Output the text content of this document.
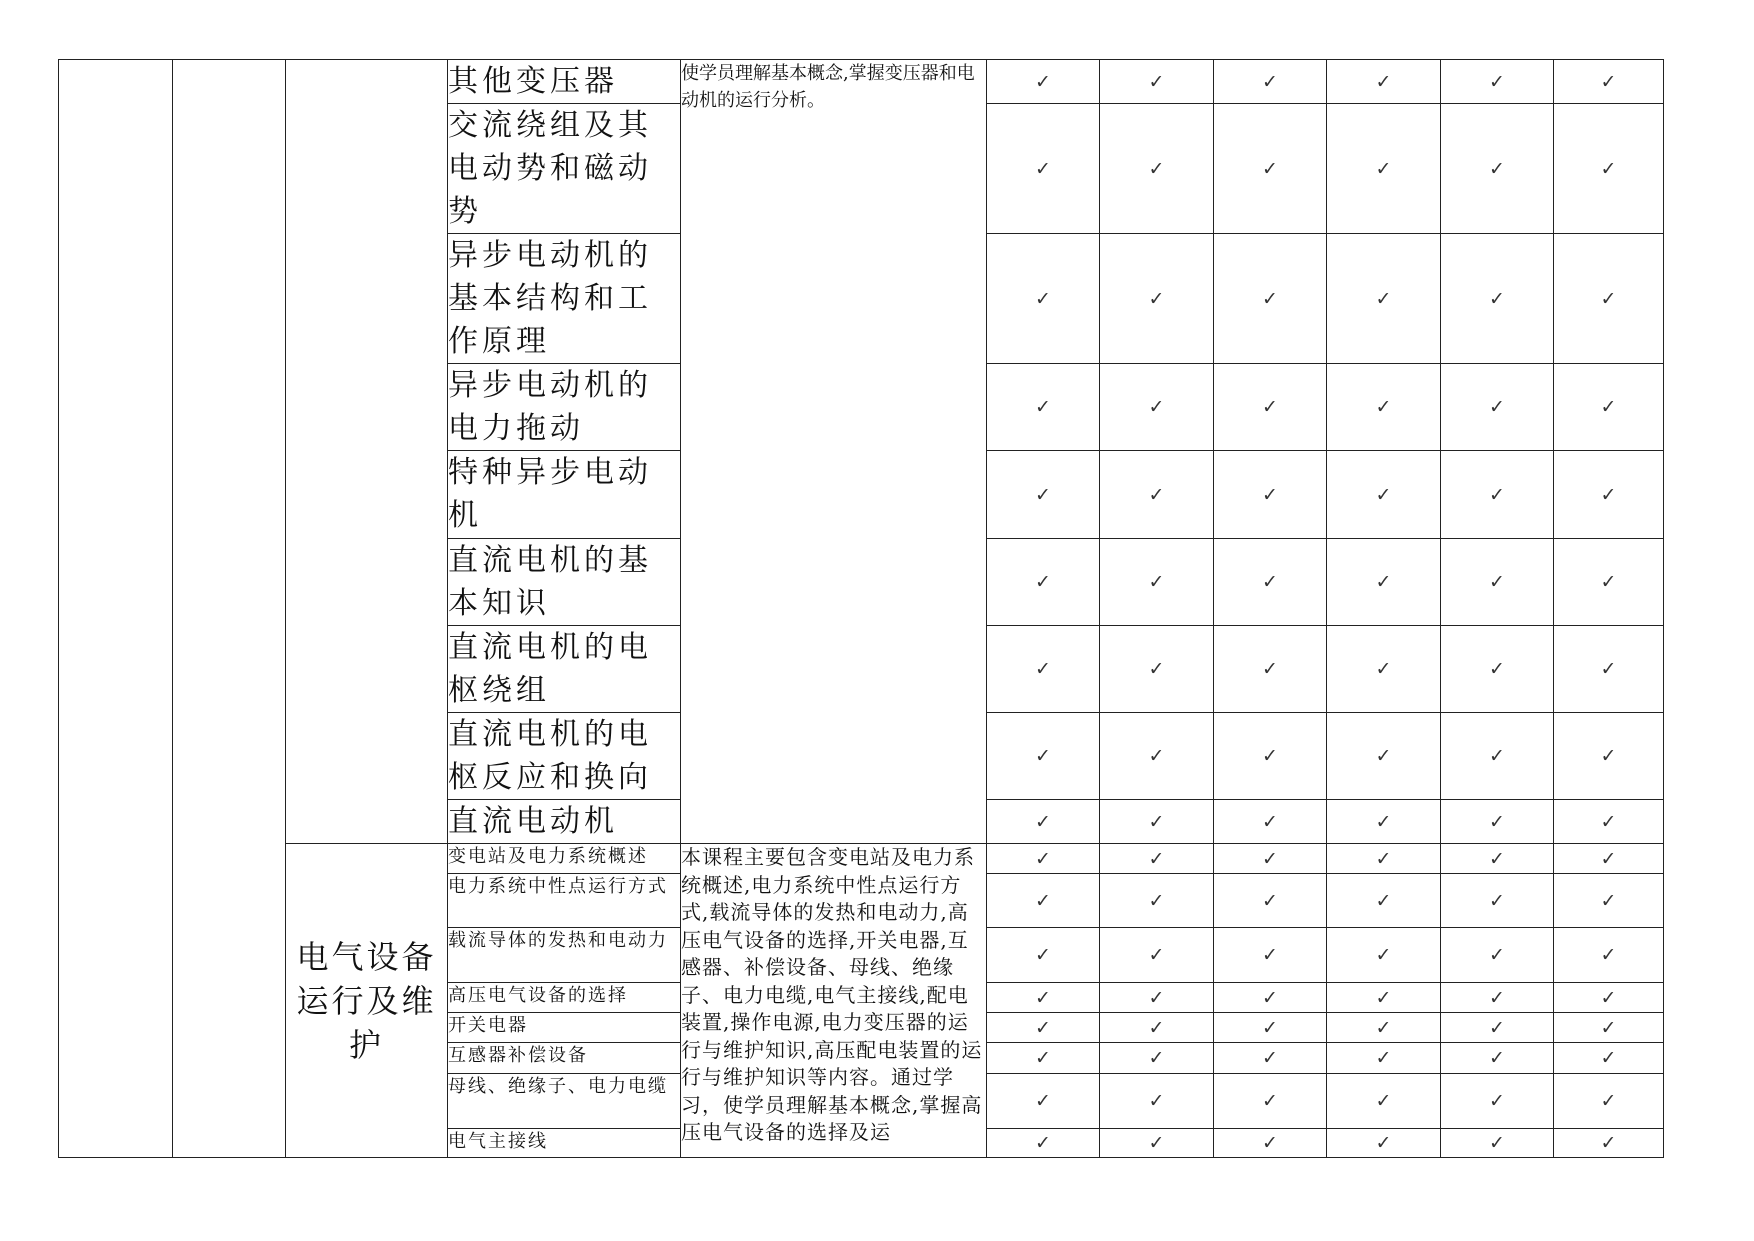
			其他变压器	使学员理解基本概念,掌握变压器和电动机的运行分析。	✓	✓	✓	✓	✓	✓
			交流绕组及其电动势和磁动势		✓	✓	✓	✓	✓	✓
			异步电动机的基本结构和工作原理		✓	✓	✓	✓	✓	✓
			异步电动机的电力拖动		✓	✓	✓	✓	✓	✓
			特种异步电动机		✓	✓	✓	✓	✓	✓
			直流电机的基本知识		✓	✓	✓	✓	✓	✓
			直流电机的电枢绕组		✓	✓	✓	✓	✓	✓
			直流电机的电枢反应和换向		✓	✓	✓	✓	✓	✓
			直流电动机		✓	✓	✓	✓	✓	✓
		电气设备运行及维护	变电站及电力系统概述	本课程主要包含变电站及电力系统概述,电力系统中性点运行方式,载流导体的发热和电动力,高压电气设备的选择,开关电器,互感器、补偿设备、母线、绝缘子、电力电缆,电气主接线,配电装置,操作电源,电力变压器的运行与维护知识,高压配电装置的运行与维护知识等内容。通过学习，使学员理解基本概念,掌握高压电气设备的选择及运	✓	✓	✓	✓	✓	✓
			电力系统中性点运行方式		✓	✓	✓	✓	✓	✓
			载流导体的发热和电动力		✓	✓	✓	✓	✓	✓
			高压电气设备的选择		✓	✓	✓	✓	✓	✓
			开关电器		✓	✓	✓	✓	✓	✓
			互感器补偿设备		✓	✓	✓	✓	✓	✓
			母线、绝缘子、电力电缆		✓	✓	✓	✓	✓	✓
			电气主接线		✓	✓	✓	✓	✓	✓
